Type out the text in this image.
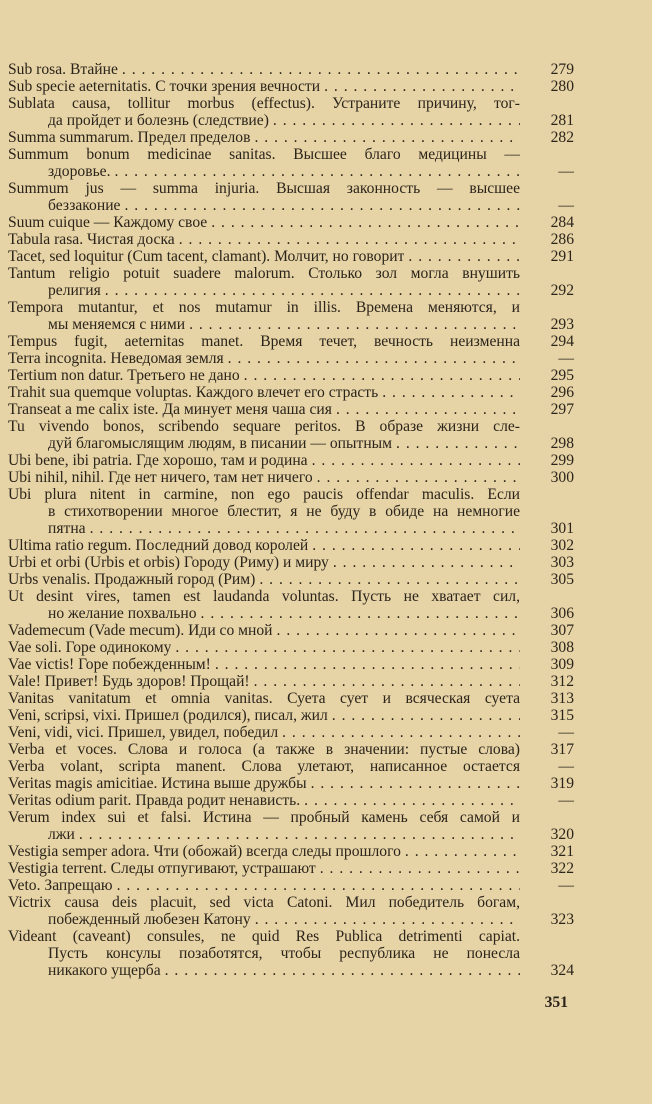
Sub rosa. Втайне . . .	279
Sub specie aeternitatis. С точки зрения вечности . . .	280
Sublata causa, tollitur morbus (effectus). Устраните причину, тог-
да пройдет и болезнь (следствие) . . .	281
Summa summarum. Предел пределов . . .	282
Summum bonum medicinae sanitas. Высшее благо медицины —
здоровье. . . .	—
Summum jus — summa injuria. Высшая законность — высшее
беззаконие . . .	—
Suum cuique — Каждому свое . . .	284
Tabula rasa. Чистая доска . . .	286
Tacet, sed loquitur (Cum tacent, clamant). Молчит, но говорит . . .	291
Tantum religio potuit suadere malorum. Столько зол могла внушить
религия . . .	292
Tempora mutantur, et nos mutamur in illis. Времена меняются, и
мы меняемся с ними . . .	293
Tempus fugit, aeternitas manet. Время течет, вечность неизменна	294
Terra incognita. Неведомая земля . . .	—
Tertium non datur. Третьего не дано . . .	295
Trahit sua quemque voluptas. Каждого влечет его страсть . . .	296
Transeat a me calix iste. Да минует меня чаша сия . . .	297
Tu vivendo bonos, scribendo sequare peritos. В образе жизни сле-
дуй благомыслящим людям, в писании — опытным . . .	298
Ubi bene, ibi patria. Где хорошо, там и родина . . .	299
Ubi nihil, nihil. Где нет ничего, там нет ничего . . .	300
Ubi plura nitent in carmine, non ego paucis offendar maculis. Если
в стихотворении многое блестит, я не буду в обиде на немногие
пятна . . .	301
Ultima ratio regum. Последний довод королей . . .	302
Urbi et orbi (Urbis et orbis) Городу (Риму) и миру . . .	303
Urbs venalis. Продажный город (Рим) . . .	305
Ut desint vires, tamen est laudanda voluntas. Пусть не хватает сил,
но желание похвально . . .	306
Vademecum (Vade mecum). Иди со мной . . .	307
Vae soli. Горе одинокому . . .	308
Vae victis! Горе побежденным! . . .	309
Vale! Привет! Будь здоров! Прощай! . . .	312
Vanitas vanitatum et omnia vanitas. Суета сует и всяческая суета	313
Veni, scripsi, vixi. Пришел (родился), писал, жил . . .	315
Veni, vidi, vici. Пришел, увидел, победил . . .	—
Verba et voces. Слова и голоса (а также в значении: пустые слова)	317
Verba volant, scripta manent. Слова улетают, написанное остается	—
Veritas magis amicitiae. Истина выше дружбы . . .	319
Veritas odium parit. Правда родит ненависть. . . .	—
Verum index sui et falsi. Истина — пробный камень себя самой и
лжи . . .	320
Vestigia semper adora. Чти (обожай) всегда следы прошлого . . .	321
Vestigia terrent. Следы отпугивают, устрашают . . .	322
Veto. Запрещаю . . .	—
Victrix causa deis placuit, sed victa Catoni. Мил победитель богам,
побежденный любезен Катону . . .	323
Videant (caveant) consules, ne quid Res Publica detrimenti capiat.
Пусть консулы позаботятся, чтобы республика не понесла
никакого ущерба . . .	324
351
